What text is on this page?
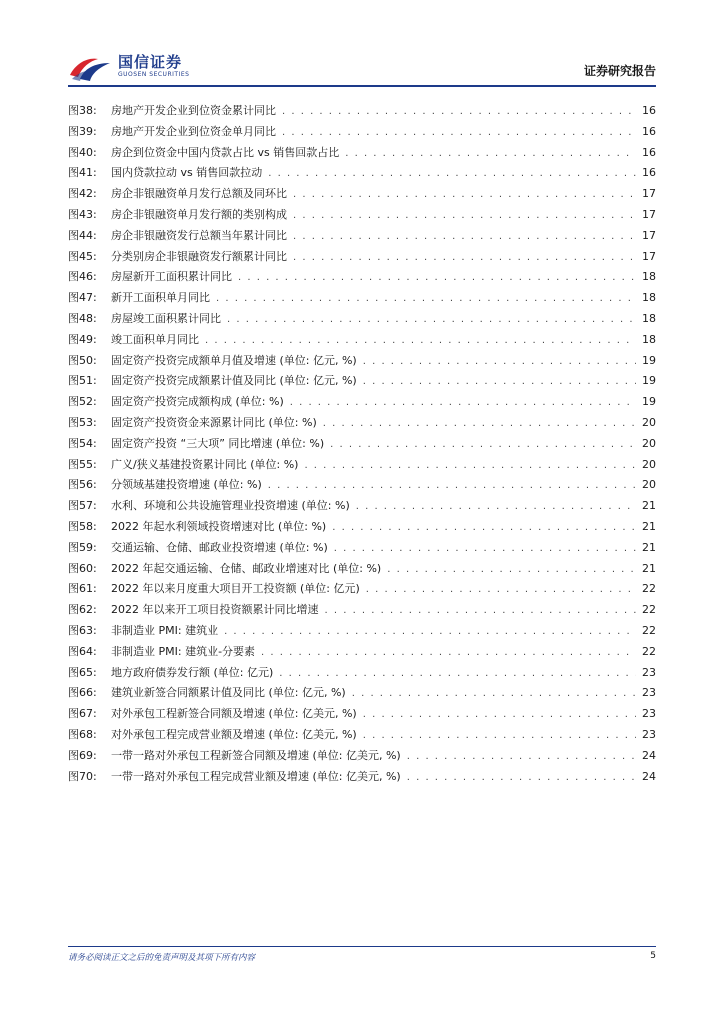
国信证券
GUOSEN SECURITIES	证券研究报告
图38:	房地产开发企业到位资金累计同比 . . .	16
图39:	房地产开发企业到位资金单月同比 . . .	16
图40:	房企到位资金中国内贷款占比 vs 销售回款占比 . . .	16
图41:	国内贷款拉动 vs 销售回款拉动 . . .	16
图42:	房企非银融资单月发行总额及同环比 . . .	17
图43:	房企非银融资单月发行额的类别构成 . . .	17
图44:	房企非银融资发行总额当年累计同比 . . .	17
图45:	分类别房企非银融资发行额累计同比 . . .	17
图46:	房屋新开工面积累计同比 . . .	18
图47:	新开工面积单月同比 . . .	18
图48:	房屋竣工面积累计同比 . . .	18
图49:	竣工面积单月同比 . . .	18
图50:	固定资产投资完成额单月值及增速 (单位: 亿元, %) . . .	19
图51:	固定资产投资完成额累计值及同比 (单位: 亿元, %) . . .	19
图52:	固定资产投资完成额构成 (单位: %) . . .	19
图53:	固定资产投资资金来源累计同比 (单位: %) . . .	20
图54:	固定资产投资 “三大项” 同比增速 (单位: %) . . .	20
图55:	广义/狭义基建投资累计同比 (单位: %) . . .	20
图56:	分领域基建投资增速 (单位: %) . . .	20
图57:	水利、环境和公共设施管理业投资增速 (单位: %) . . .	21
图58:	2022 年起水利领域投资增速对比 (单位: %) . . .	21
图59:	交通运输、仓储、邮政业投资增速 (单位: %) . . .	21
图60:	2022 年起交通运输、仓储、邮政业增速对比 (单位: %) . . .	21
图61:	2022 年以来月度重大项目开工投资额 (单位: 亿元) . . .	22
图62:	2022 年以来开工项目投资额累计同比增速 . . .	22
图63:	非制造业 PMI: 建筑业 . . .	22
图64:	非制造业 PMI: 建筑业-分要素 . . .	22
图65:	地方政府债券发行额 (单位: 亿元) . . .	23
图66:	建筑业新签合同额累计值及同比 (单位: 亿元, %) . . .	23
图67:	对外承包工程新签合同额及增速 (单位: 亿美元, %) . . .	23
图68:	对外承包工程完成营业额及增速 (单位: 亿美元, %) . . .	23
图69:	一带一路对外承包工程新签合同额及增速 (单位: 亿美元, %) . . .	24
图70:	一带一路对外承包工程完成营业额及增速 (单位: 亿美元, %) . . .	24
请务必阅读正文之后的免责声明及其项下所有内容	5
